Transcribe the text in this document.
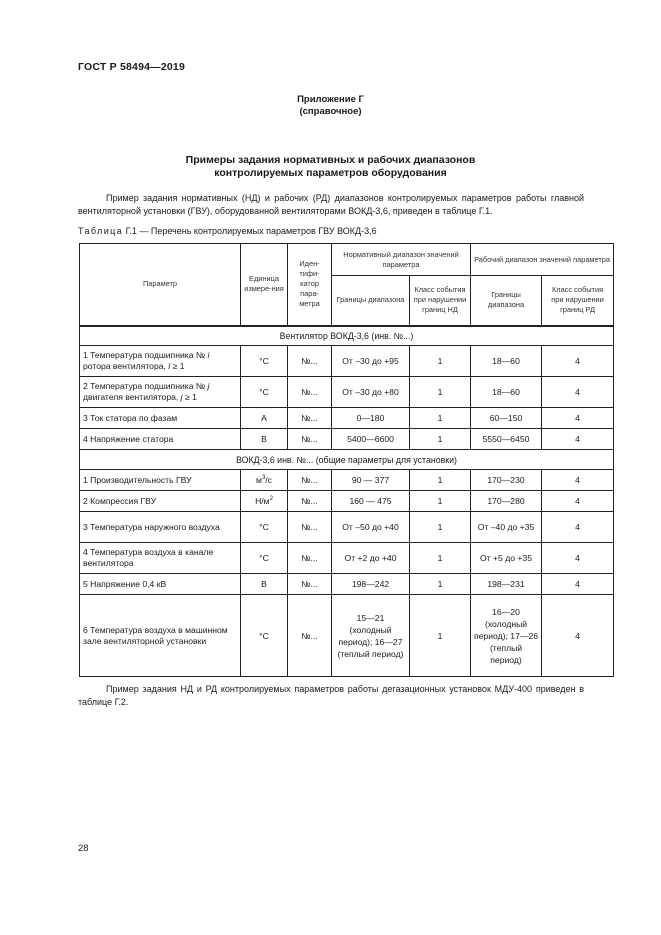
ГОСТ Р 58494—2019
Приложение Г
(справочное)
Примеры задания нормативных и рабочих диапазонов
контролируемых параметров оборудования
Пример задания нормативных (НД) и рабочих (РД) диапазонов контролируемых параметров работы главной вентиляторной установки (ГВУ), оборудованной вентиляторами ВОКД-3,6, приведен в таблице Г.1.
Таблица Г.1 — Перечень контролируемых параметров ГВУ ВОКД-3,6
Параметр	Единица измере-ния	Иден-тифи-катор пара-метра	Нормативный диапазон значений параметра		Рабочий диапазон значений параметра	
			Границы диапазона	Класс события при нарушении границ НД	Границы диапазона	Класс события при нарушении границ РД
Вентилятор ВОКД-3,6 (инв. №...)						
1 Температура подшипника № i ротора вентилятора, i ≥ 1	°С	№...	От –30 до +95	1	18—60	4
2 Температура подшипника № j двигателя вентилятора, j ≥ 1	°С	№...	От –30 до +80	1	18—60	4
3 Ток статора по фазам	А	№...	0—180	1	60—150	4
4 Напряжение статора	В	№...	5400—6600	1	5550—6450	4
ВОКД-3,6 инв. №... (общие параметры для установки)						
1 Производительность ГВУ	$м^3/с$	№...	90 — 377	1	170—230	4
2 Компрессия ГВУ	$Н/м^2$	№...	160 — 475	1	170—280	4
3 Температура наружного воздуха	°С	№...	От –50 до +40	1	От –40 до +35	4
4 Температура воздуха в канале вентилятора	°С	№...	От +2 до +40	1	От +5 до +35	4
5 Напряжение 0,4 кВ	В	№...	198—242	1	198—231	4
6 Температура воздуха в машинном зале вентиляторной установки	°С	№...	15—21 (холодный период); 16—27 (теплый период)	1	16—20 (холодный период); 17—26 (теплый период)	4
Пример задания НД и РД контролируемых параметров работы дегазационных установок МДУ-400 приведен в таблице Г.2.
28
